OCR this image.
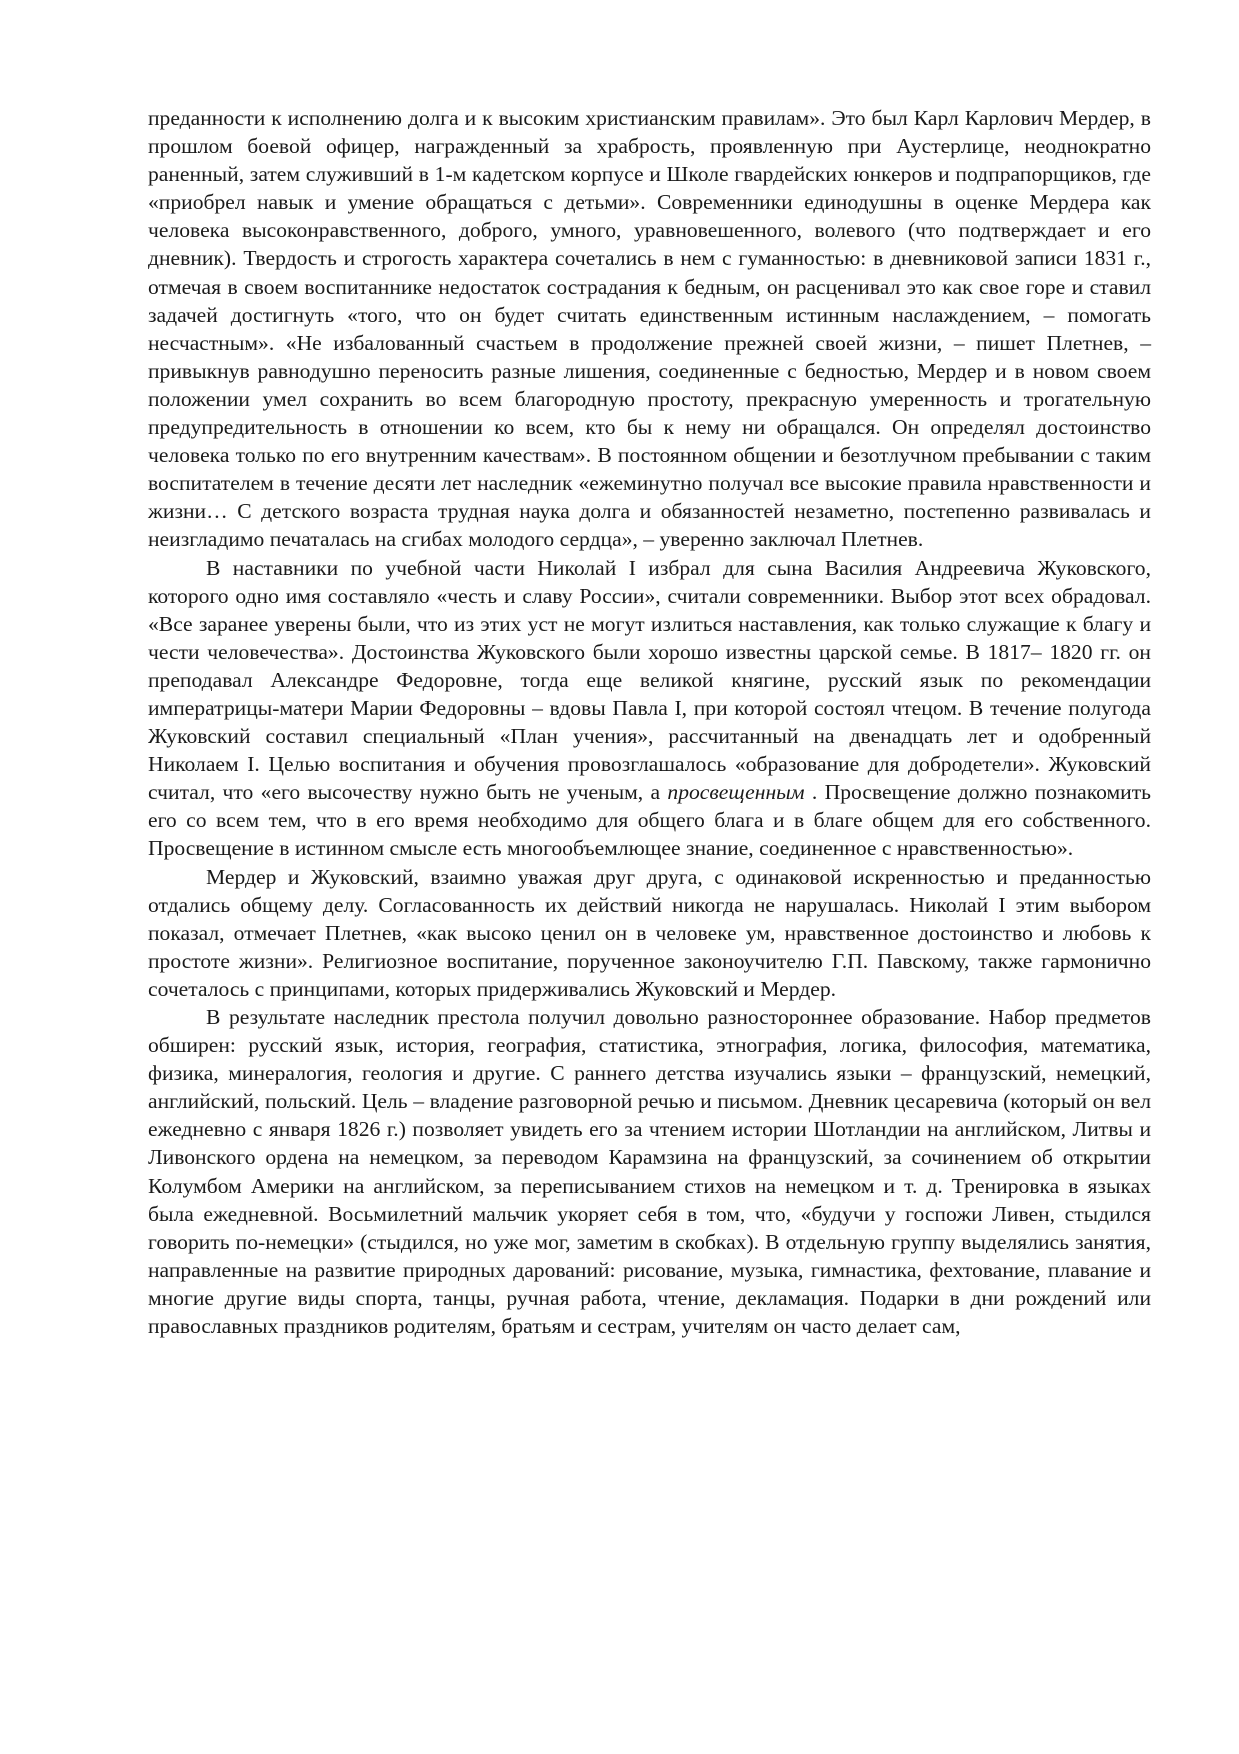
преданности к исполнению долга и к высоким христианским правилам». Это был Карл Карлович Мердер, в прошлом боевой офицер, награжденный за храбрость, проявленную при Аустерлице, неоднократно раненный, затем служивший в 1-м кадетском корпусе и Школе гвардейских юнкеров и подпрапорщиков, где «приобрел навык и умение обращаться с детьми». Современники единодушны в оценке Мердера как человека высоконравственного, доброго, умного, уравновешенного, волевого (что подтверждает и его дневник). Твердость и строгость характера сочетались в нем с гуманностью: в дневниковой записи 1831 г., отмечая в своем воспитаннике недостаток сострадания к бедным, он расценивал это как свое горе и ставил задачей достигнуть «того, что он будет считать единственным истинным наслаждением, – помогать несчастным». «Не избалованный счастьем в продолжение прежней своей жизни, – пишет Плетнев, – привыкнув равнодушно переносить разные лишения, соединенные с бедностью, Мердер и в новом своем положении умел сохранить во всем благородную простоту, прекрасную умеренность и трогательную предупредительность в отношении ко всем, кто бы к нему ни обращался. Он определял достоинство человека только по его внутренним качествам». В постоянном общении и безотлучном пребывании с таким воспитателем в течение десяти лет наследник «ежеминутно получал все высокие правила нравственности и жизни… С детского возраста трудная наука долга и обязанностей незаметно, постепенно развивалась и неизгладимо печаталась на сгибах молодого сердца», – уверенно заключал Плетнев.

В наставники по учебной части Николай I избрал для сына Василия Андреевича Жуковского, которого одно имя составляло «честь и славу России», считали современники. Выбор этот всех обрадовал. «Все заранее уверены были, что из этих уст не могут излиться наставления, как только служащие к благу и чести человечества». Достоинства Жуковского были хорошо известны царской семье. В 1817– 1820 гг. он преподавал Александре Федоровне, тогда еще великой княгине, русский язык по рекомендации императрицы-матери Марии Федоровны – вдовы Павла I, при которой состоял чтецом. В течение полугода Жуковский составил специальный «План учения», рассчитанный на двенадцать лет и одобренный Николаем I. Целью воспитания и обучения провозглашалось «образование для добродетели». Жуковский считал, что «его высочеству нужно быть не ученым, а просвещенным . Просвещение должно познакомить его со всем тем, что в его время необходимо для общего блага и в благе общем для его собственного. Просвещение в истинном смысле есть многообъемлющее знание, соединенное с нравственностью».

Мердер и Жуковский, взаимно уважая друг друга, с одинаковой искренностью и преданностью отдались общему делу. Согласованность их действий никогда не нарушалась. Николай I этим выбором показал, отмечает Плетнев, «как высоко ценил он в человеке ум, нравственное достоинство и любовь к простоте жизни». Религиозное воспитание, порученное законоучителю Г.П. Павскому, также гармонично сочеталось с принципами, которых придерживались Жуковский и Мердер.

В результате наследник престола получил довольно разностороннее образование. Набор предметов обширен: русский язык, история, география, статистика, этнография, логика, философия, математика, физика, минералогия, геология и другие. С раннего детства изучались языки – французский, немецкий, английский, польский. Цель – владение разговорной речью и письмом. Дневник цесаревича (который он вел ежедневно с января 1826 г.) позволяет увидеть его за чтением истории Шотландии на английском, Литвы и Ливонского ордена на немецком, за переводом Карамзина на французский, за сочинением об открытии Колумбом Америки на английском, за переписыванием стихов на немецком и т. д. Тренировка в языках была ежедневной. Восьмилетний мальчик укоряет себя в том, что, «будучи у госпожи Ливен, стыдился говорить по-немецки» (стыдился, но уже мог, заметим в скобках). В отдельную группу выделялись занятия, направленные на развитие природных дарований: рисование, музыка, гимнастика, фехтование, плавание и многие другие виды спорта, танцы, ручная работа, чтение, декламация. Подарки в дни рождений или православных праздников родителям, братьям и сестрам, учителям он часто делает сам,
